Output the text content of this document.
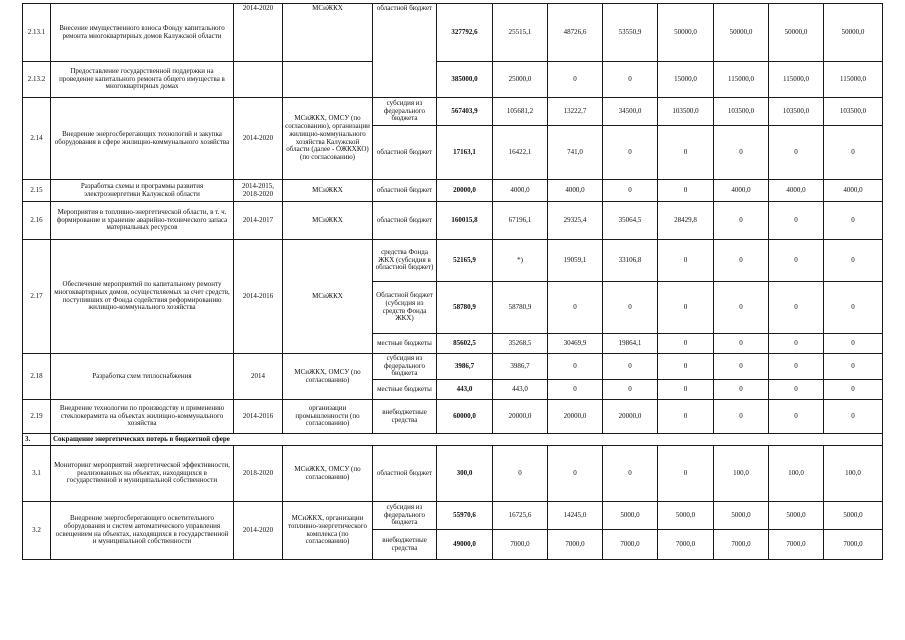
2.13.1	Внесение имущественного взноса Фонду капитального ремонта многоквартирных домов Калужской области	2014-2020	МСиЖКХ	областной бюджет	327792,6	25515,1	48726,6	53550,9	50000,0	50000,0	50000,0	50000,0
2.13.2	Предоставление государственной поддержки на проведение капитального ремонта общего имущества в многоквартирных домах				385000,0	25000,0	0	0	15000,0	115000,0	115000,0	115000,0
2.14	Внедрение энергосберегающих технологий и закупка оборудования в сфере жилищно-коммунального хозяйства	2014-2020	МСиЖКХ, ОМСУ (по согласованию), организации жилищно-коммунального хозяйства Калужской области (далее - ОЖКХКО) (по согласованию)	субсидия из федерального бюджета	567403,9	105681,2	13222,7	34500,0	103500,0	103500,0	103500,0	103500,0
				областной бюджет	17163,1	16422,1	741,0	0	0	0	0	0
2.15	Разработка схемы и программы развития электроэнергетики Калужской области	2014-2015, 2018-2020	МСиЖКХ	областной бюджет	20000,0	4000,0	4000,0	0	0	4000,0	4000,0	4000,0
2.16	Мероприятия в топливно-энергетической области, в т. ч. формирование и хранение аварийно-технического запаса материальных ресурсов	2014-2017	МСиЖКХ	областной бюджет	160015,8	67196,1	29325,4	35064,5	28429,8	0	0	0
2.17	Обеспечение мероприятий по капитальному ремонту многоквартирных домов, осуществляемых за счет средств, поступивших от Фонда содействия реформированию жилищно-коммунального хозяйства	2014-2016	МСиЖКХ	средства Фонда ЖКХ (субсидия в областной бюджет)	52165,9	*)	19059,1	33106,8	0	0	0	0
				Областной бюджет (субсидия из средств Фонда ЖКХ)	58780,9	58780,9	0	0	0	0	0	0
				местные бюджеты	85602,5	35268,5	30469,9	19864,1	0	0	0	0
2.18	Разработка схем теплоснабжения	2014	МСиЖКХ, ОМСУ (по согласованию)	субсидия из федерального бюджета	3986,7	3986,7	0	0	0	0	0	0
				местные бюджеты	443,0	443,0	0	0	0	0	0	0
2.19	Внедрение технологии по производству и применению стеклокерамита на объектах жилищно-коммунального хозяйства	2014-2016	организации промышленности (по согласованию)	внебюджетные средства	60000,0	20000,0	20000,0	20000,0	0	0	0	0
3.	Сокращение энергетических потерь в бюджетной сфере											
3.1	Мониторинг мероприятий энергетической эффективности, реализованных на объектах, находящихся в государственной и муниципальной собственности	2018-2020	МСиЖКХ, ОМСУ (по согласованию)	областной бюджет	300,0	0	0	0	0	100,0	100,0	100,0
3.2	Внедрение энергосберегающего осветительного оборудования и систем автоматического управления освещением на объектах, находящихся в государственной и муниципальной собственности	2014-2020	МСиЖКХ, организации топливно-энергетического комплекса (по согласованию)	субсидия из федерального бюджета	55970,6	16725,6	14245,0	5000,0	5000,0	5000,0	5000,0	5000,0
				внебюджетные средства	49000,0	7000,0	7000,0	7000,0	7000,0	7000,0	7000,0	7000,0
